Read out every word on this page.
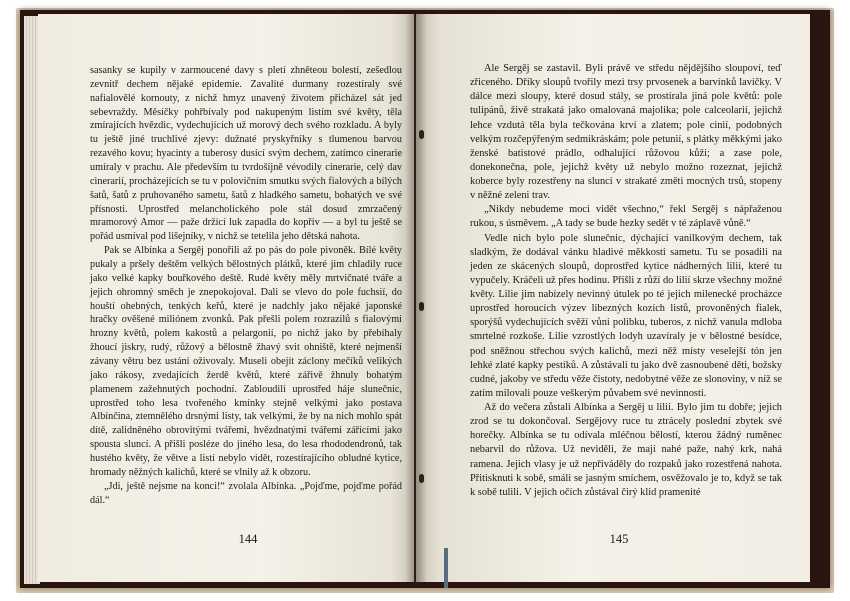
sasanky se kupily v zarmoucené davy s pletí zhněteou bolestí, zešedlou zevnitř dechem nějaké epidemie. Zavalité durmany rozestíraly své nafialovělé kornouty, z nichž hmyz unavený životem přicházel sát jed sebevraždy. Měsíčky pohřbívaly pod nakupeným listím své květy, těla zmírajících hvězdic, vydechujících už morový dech svého rozkladu. A byly tu ještě jiné truchlivé zjevy: dužnaté pryskyřníky s tlumenou barvou rezavého kovu; hyacinty a tuberosy dusící svým dechem, zatímco cinerarie umíraly v prachu. Ale především tu tvrdošíjně vévodily cinerarie, celý dav cinerarií, procházejících se tu v polovičním smutku svých fialových a bílých šatů, šatů z pruhovaného sametu, šatů z hladkého sametu, bohatých ve své přísnosti. Uprostřed melancholického pole stál dosud zmrzačený mramorový Amor — paže držící luk zapadla do kopřiv — a byl tu ještě se pořád usmíval pod lišejníky, v nichž se tetelila jeho dětská nahota.

Pak se Albínka a Sergěj ponořili až po pás do pole pivoněk. Bílé květy pukaly a pršely deštěm velkých bělostných plátků, které jim chladily ruce jako velké kapky bouřkového deště. Rudé květy měly mrtvičnaté tváře a jejich ohromný směch je znepokojoval. Dali se vlevo do pole fuchsií, do houští ohebných, tenkých keřů, které je nadchly jako nějaké japonské hračky ověšené miliónem zvonků. Pak přešli polem rozrazilů s fialovými hrozny květů, polem kakostů a pelargonií, po nichž jako by přebíhaly žhoucí jiskry, rudý, růžový a bělostně žhavý svit ohniště, které nejmenší závany větru bez ustání oživovaly. Museli obejít záclony mečíků velikých jako rákosy, zvedajících žerdě květů, které zářivě žhnuly bohatým plamenem zažehnutých pochodní. Zabloudili uprostřed háje slunečnic, uprostřed toho lesa tvořeného kmínky stejně velkými jako postava Albínčina, ztemnělého drsnými listy, tak velkými, že by na nich mohlo spát dítě, zalidněného obrovitými tvářemi, hvězdnatými tvářemi zářícími jako spousta sluncí. A přišli posléze do jiného lesa, do lesa rhododendronů, tak hustého květy, že větve a listí nebylo vidět, rozestírajícího obludné kytice, hromady něžných kalichů, které se vlnily až k obzoru.

„Jdi, ještě nejsme na konci!“ zvolala Albínka. „Pojďme, pojďme pořád dál.“

144

Ale Sergěj se zastavil. Byli právě ve středu nějdějšího sloupoví, teď zřiceného. Dříky sloupů tvořily mezi trsy prvosenek a barvínků lavičky. V dálce mezi sloupy, které dosud stály, se prostírala jiná pole květů: pole tulipánů, živě strakatá jako omalovaná majolika; pole calceolarií, jejichž lehce vzdutá těla byla tečkována krví a zlatem; pole cinií, podobných velkým rozčepýřeným sedmikráskám; pole petunií, s plátky měkkými jako ženské batistové prádlo, odhalující růžovou kůži; a zase pole, donekonečna, pole, jejichž květy už nebylo možno rozeznat, jejichž koberce byly rozestřeny na slunci v strakaté změti mocných trsů, stopeny v něžné zeleni trav.

„Nikdy nebudeme moci vidět všechno,“ řekl Sergěj s nápřaženou rukou, s úsměvem. „A tady se bude hezky sedět v té záplavě vůně.“

Vedle nich bylo pole slunečnic, dýchající vanilkovým dechem, tak sladkým, že dodával vánku hladivé měkkosti sametu. Tu se posadili na jeden ze skácených sloupů, doprostřed kytice nádherných lilií, které tu vypučely. Kráčeli už přes hodinu. Přišli z růží do lilií skrze všechny možné květy. Lilie jim nabízely nevinný útulek po té jejich milenecké procházce uprostřed horoucích výzev libezných kozích listů, provoněných fialek, sporýšů vydechujících svěží vůni polibku, tuberos, z nichž vanula mdloba smrtelné rozkoše. Lilie vzrostlých lodyh uzavíraly je v bělostné besídce, pod sněžnou střechou svých kalichů, mezi něž místy veselejší tón jen lehké zlaté kapky pestíků. A zůstávali tu jako dvě zasnoubené děti, božsky cudné, jakoby ve středu věže čistoty, nedobytné věže ze slonoviny, v níž se zatím milovali pouze veškerým půvabem své nevinnosti.

Až do večera zůstali Albínka a Sergěj u lilií. Bylo jim tu dobře; jejich zrod se tu dokončoval. Sergějovy ruce tu ztrácely poslední zbytek své horečky. Albínka se tu odívala mléčnou bělostí, kterou žádný ruměnec nebarvil do růžova. Už neviděli, že mají nahé paže, nahý krk, nahá ramena. Jejich vlasy je už nepřiváděly do rozpaků jako rozestřená nahota. Přitisknuti k sobě, smáli se jasným smíchem, osvěžovalo je to, když se tak k sobě tulili. V jejich očích zůstával čirý klid pramenité

145
